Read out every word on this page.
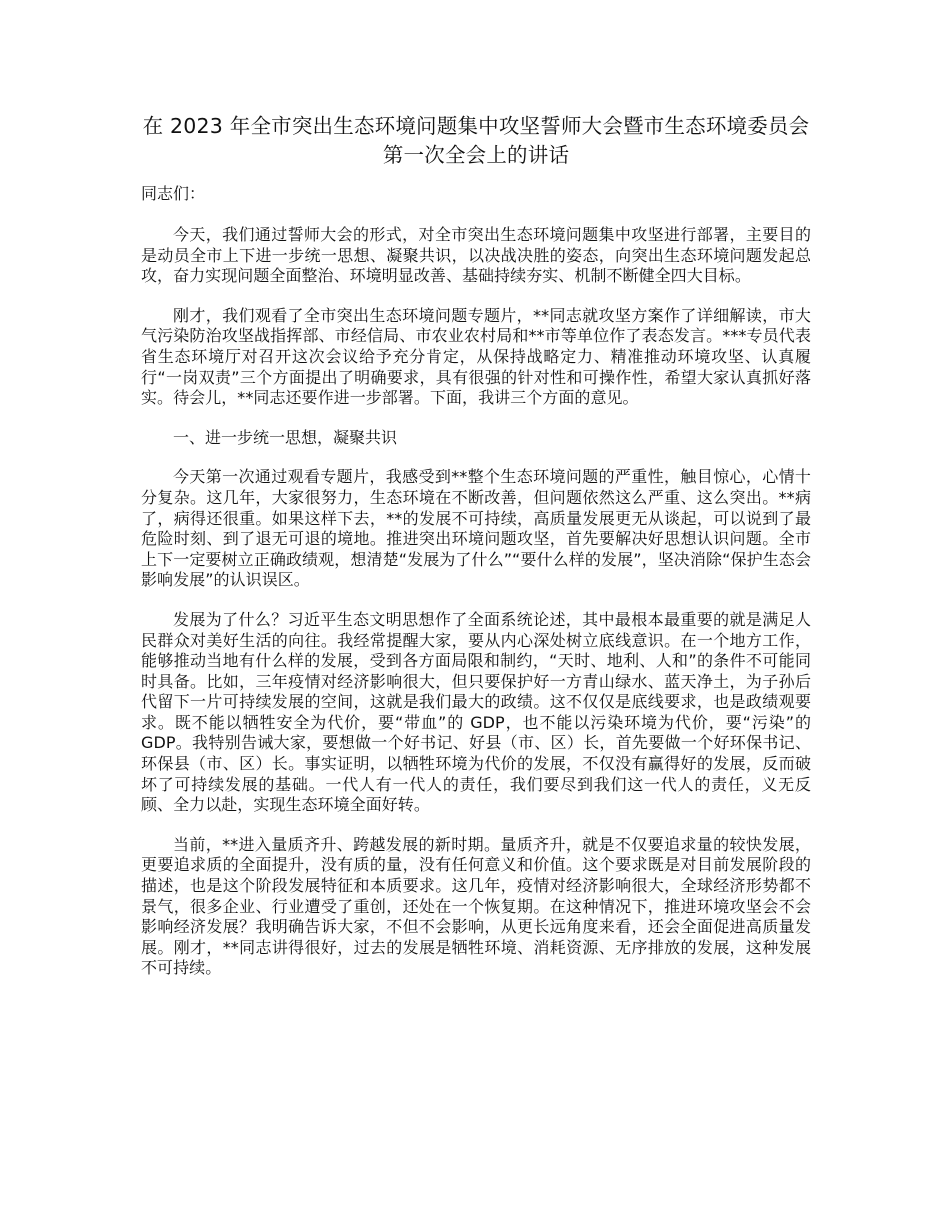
在 2023 年全市突出生态环境问题集中攻坚誓师大会暨市生态环境委员会第一次全会上的讲话

同志们：

今天，我们通过誓师大会的形式，对全市突出生态环境问题集中攻坚进行部署，主要目的是动员全市上下进一步统一思想、凝聚共识，以决战决胜的姿态，向突出生态环境问题发起总攻，奋力实现问题全面整治、环境明显改善、基础持续夯实、机制不断健全四大目标。

刚才，我们观看了全市突出生态环境问题专题片，**同志就攻坚方案作了详细解读，市大气污染防治攻坚战指挥部、市经信局、市农业农村局和**市等单位作了表态发言。***专员代表省生态环境厅对召开这次会议给予充分肯定，从保持战略定力、精准推动环境攻坚、认真履行“一岗双责”三个方面提出了明确要求，具有很强的针对性和可操作性，希望大家认真抓好落实。待会儿，**同志还要作进一步部署。下面，我讲三个方面的意见。

一、进一步统一思想，凝聚共识

今天第一次通过观看专题片，我感受到**整个生态环境问题的严重性，触目惊心，心情十分复杂。这几年，大家很努力，生态环境在不断改善，但问题依然这么严重、这么突出。**病了，病得还很重。如果这样下去，**的发展不可持续，高质量发展更无从谈起，可以说到了最危险时刻、到了退无可退的境地。推进突出环境问题攻坚，首先要解决好思想认识问题。全市上下一定要树立正确政绩观，想清楚“发展为了什么”“要什么样的发展”，坚决消除“保护生态会影响发展”的认识误区。

发展为了什么？习近平生态文明思想作了全面系统论述，其中最根本最重要的就是满足人民群众对美好生活的向往。我经常提醒大家，要从内心深处树立底线意识。在一个地方工作，能够推动当地有什么样的发展，受到各方面局限和制约，“天时、地利、人和”的条件不可能同时具备。比如，三年疫情对经济影响很大，但只要保护好一方青山绿水、蓝天净土，为子孙后代留下一片可持续发展的空间，这就是我们最大的政绩。这不仅仅是底线要求，也是政绩观要求。既不能以牺牲安全为代价，要“带血”的 GDP，也不能以污染环境为代价，要“污染”的 GDP。我特别告诫大家，要想做一个好书记、好县（市、区）长，首先要做一个好环保书记、环保县（市、区）长。事实证明，以牺牲环境为代价的发展，不仅没有赢得好的发展，反而破坏了可持续发展的基础。一代人有一代人的责任，我们要尽到我们这一代人的责任，义无反顾、全力以赴，实现生态环境全面好转。

当前，**进入量质齐升、跨越发展的新时期。量质齐升，就是不仅要追求量的较快发展，更要追求质的全面提升，没有质的量，没有任何意义和价值。这个要求既是对目前发展阶段的描述，也是这个阶段发展特征和本质要求。这几年，疫情对经济影响很大，全球经济形势都不景气，很多企业、行业遭受了重创，还处在一个恢复期。在这种情况下，推进环境攻坚会不会影响经济发展？我明确告诉大家，不但不会影响，从更长远角度来看，还会全面促进高质量发展。刚才，**同志讲得很好，过去的发展是牺牲环境、消耗资源、无序排放的发展，这种发展不可持续。
